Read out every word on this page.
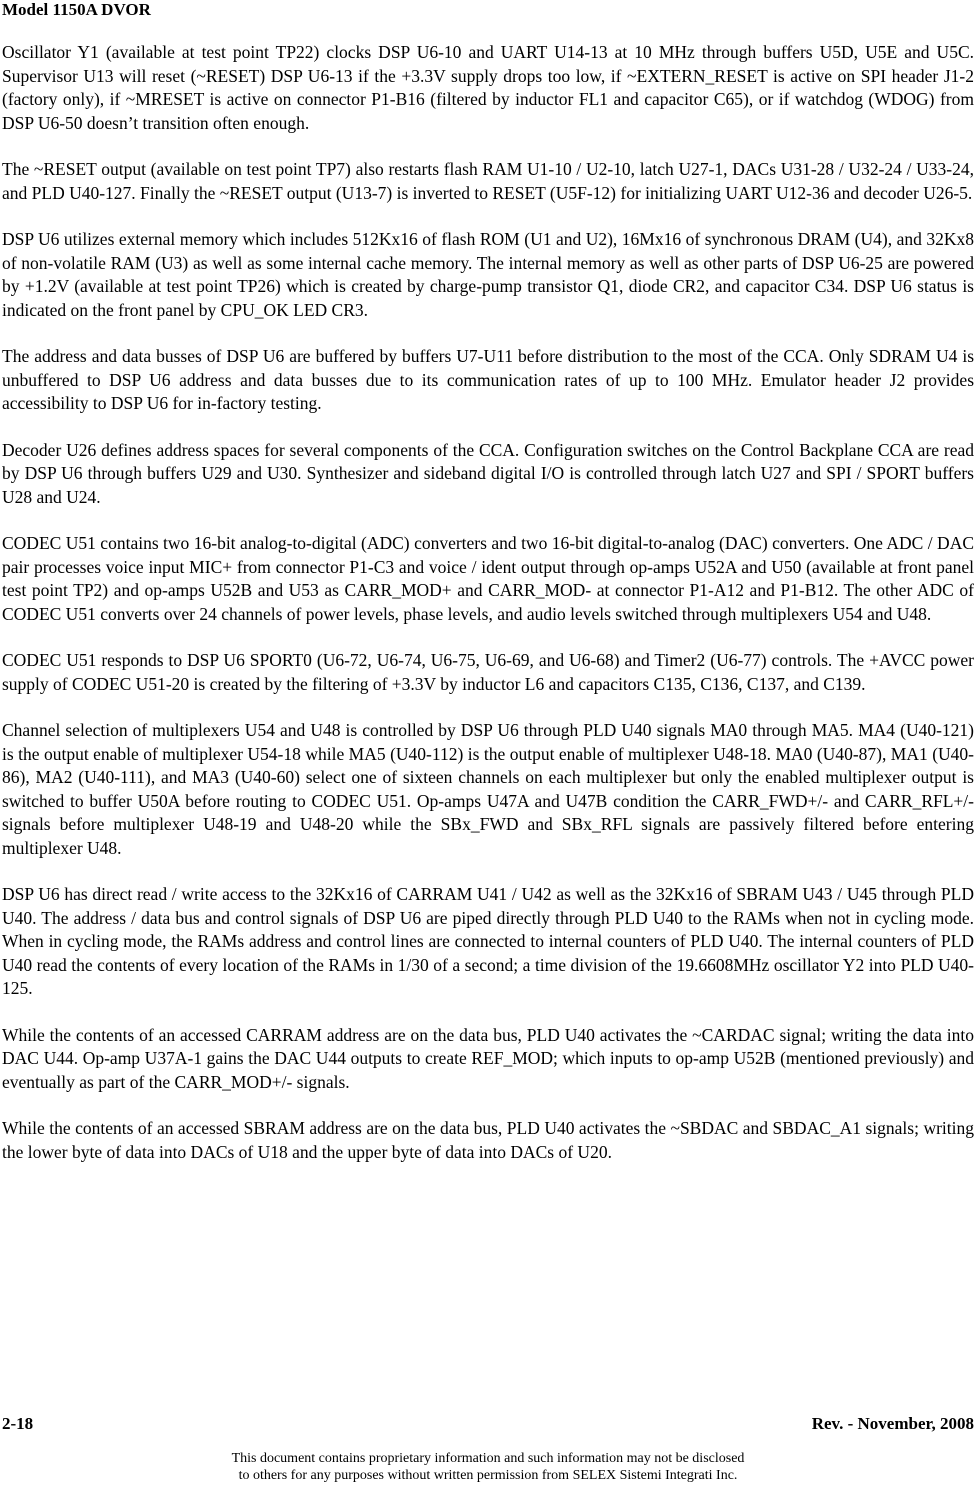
Model 1150A DVOR

Oscillator Y1 (available at test point TP22) clocks DSP U6-10 and UART U14-13 at 10 MHz through buffers U5D, U5E and U5C. Supervisor U13 will reset (~RESET) DSP U6-13 if the +3.3V supply drops too low, if ~EXTERN_RESET is active on SPI header J1-2 (factory only), if ~MRESET is active on connector P1-B16 (filtered by inductor FL1 and capacitor C65), or if watchdog (WDOG) from DSP U6-50 doesn’t transition often enough.

The ~RESET output (available on test point TP7) also restarts flash RAM U1-10 / U2-10, latch U27-1, DACs U31-28 / U32-24 / U33-24, and PLD U40-127. Finally the ~RESET output (U13-7) is inverted to RESET (U5F-12) for initializing UART U12-36 and decoder U26-5.

DSP U6 utilizes external memory which includes 512Kx16 of flash ROM (U1 and U2), 16Mx16 of synchronous DRAM (U4), and 32Kx8 of non-volatile RAM (U3) as well as some internal cache memory. The internal memory as well as other parts of DSP U6-25 are powered by +1.2V (available at test point TP26) which is created by charge-pump transistor Q1, diode CR2, and capacitor C34. DSP U6 status is indicated on the front panel by CPU_OK LED CR3.

The address and data busses of DSP U6 are buffered by buffers U7-U11 before distribution to the most of the CCA. Only SDRAM U4 is unbuffered to DSP U6 address and data busses due to its communication rates of up to 100 MHz. Emulator header J2 provides accessibility to DSP U6 for in-factory testing.

Decoder U26 defines address spaces for several components of the CCA. Configuration switches on the Control Backplane CCA are read by DSP U6 through buffers U29 and U30. Synthesizer and sideband digital I/O is controlled through latch U27 and SPI / SPORT buffers U28 and U24.

CODEC U51 contains two 16-bit analog-to-digital (ADC) converters and two 16-bit digital-to-analog (DAC) converters. One ADC / DAC pair processes voice input MIC+ from connector P1-C3 and voice / ident output through op-amps U52A and U50 (available at front panel test point TP2) and op-amps U52B and U53 as CARR_MOD+ and CARR_MOD- at connector P1-A12 and P1-B12. The other ADC of CODEC U51 converts over 24 channels of power levels, phase levels, and audio levels switched through multiplexers U54 and U48.

CODEC U51 responds to DSP U6 SPORT0 (U6-72, U6-74, U6-75, U6-69, and U6-68) and Timer2 (U6-77) controls. The +AVCC power supply of CODEC U51-20 is created by the filtering of +3.3V by inductor L6 and capacitors C135, C136, C137, and C139.

Channel selection of multiplexers U54 and U48 is controlled by DSP U6 through PLD U40 signals MA0 through MA5. MA4 (U40-121) is the output enable of multiplexer U54-18 while MA5 (U40-112) is the output enable of multiplexer U48-18. MA0 (U40-87), MA1 (U40-86), MA2 (U40-111), and MA3 (U40-60) select one of sixteen channels on each multiplexer but only the enabled multiplexer output is switched to buffer U50A before routing to CODEC U51. Op-amps U47A and U47B condition the CARR_FWD+/- and CARR_RFL+/- signals before multiplexer U48-19 and U48-20 while the SBx_FWD and SBx_RFL signals are passively filtered before entering multiplexer U48.

DSP U6 has direct read / write access to the 32Kx16 of CARRAM U41 / U42 as well as the 32Kx16 of SBRAM U43 / U45 through PLD U40. The address / data bus and control signals of DSP U6 are piped directly through PLD U40 to the RAMs when not in cycling mode. When in cycling mode, the RAMs address and control lines are connected to internal counters of PLD U40. The internal counters of PLD U40 read the contents of every location of the RAMs in 1/30 of a second; a time division of the 19.6608MHz oscillator Y2 into PLD U40-125.

While the contents of an accessed CARRAM address are on the data bus, PLD U40 activates the ~CARDAC signal; writing the data into DAC U44. Op-amp U37A-1 gains the DAC U44 outputs to create REF_MOD; which inputs to op-amp U52B (mentioned previously) and eventually as part of the CARR_MOD+/- signals.

While the contents of an accessed SBRAM address are on the data bus, PLD U40 activates the ~SBDAC and SBDAC_A1 signals; writing the lower byte of data into DACs of U18 and the upper byte of data into DACs of U20.

2-18	Rev. - November, 2008
This document contains proprietary information and such information may not be disclosed
to others for any purposes without written permission from SELEX Sistemi Integrati Inc.
